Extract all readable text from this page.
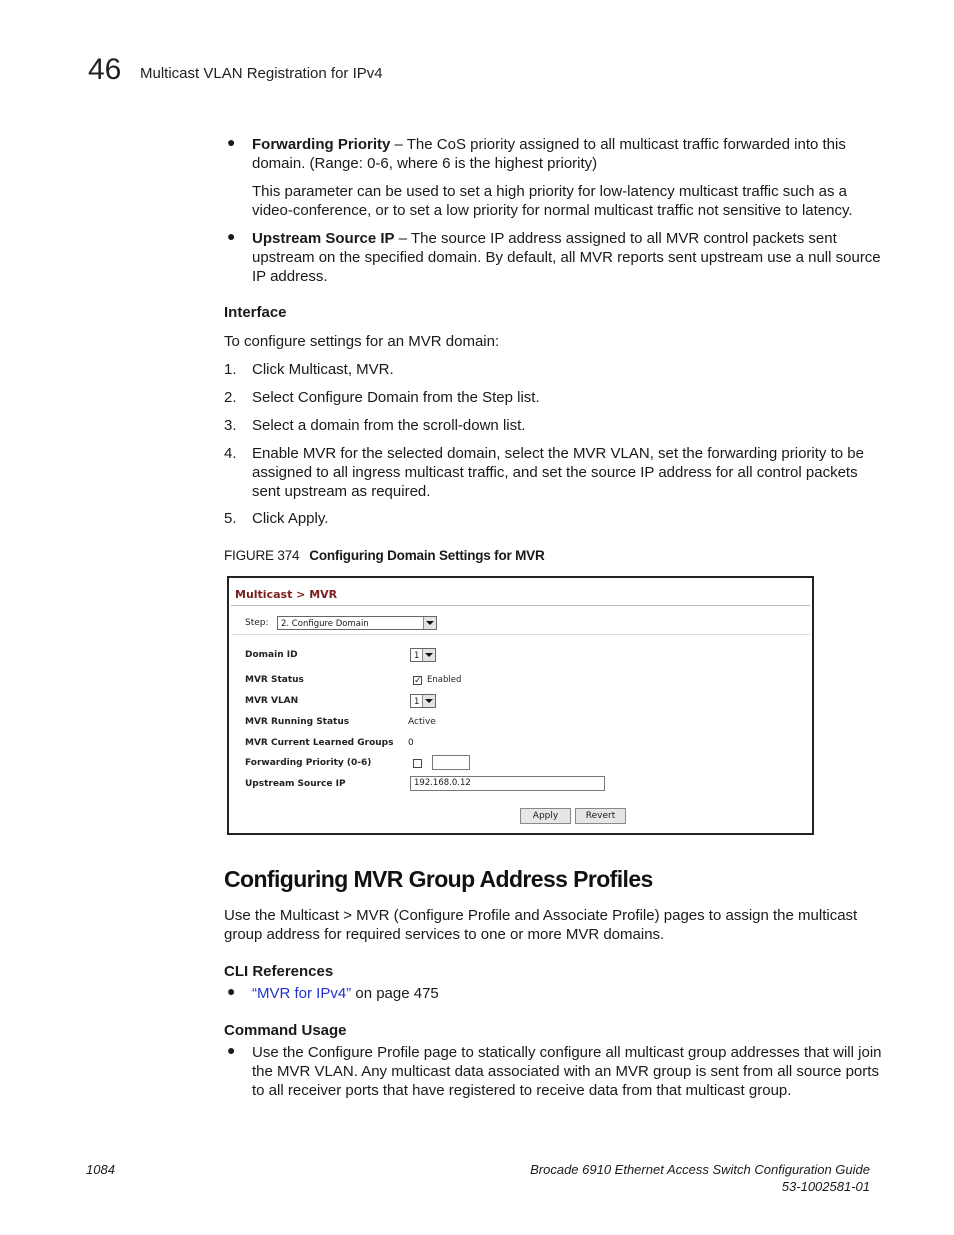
46 Multicast VLAN Registration for IPv4
● Forwarding Priority – The CoS priority assigned to all multicast traffic forwarded into this
domain. (Range: 0-6, where 6 is the highest priority)
This parameter can be used to set a high priority for low-latency multicast traffic such as a
video-conference, or to set a low priority for normal multicast traffic not sensitive to latency.
● Upstream Source IP – The source IP address assigned to all MVR control packets sent
upstream on the specified domain. By default, all MVR reports sent upstream use a null source
IP address.
Interface
To configure settings for an MVR domain:
1. Click Multicast, MVR.
2. Select Configure Domain from the Step list.
3. Select a domain from the scroll-down list.
4. Enable MVR for the selected domain, select the MVR VLAN, set the forwarding priority to be
assigned to all ingress multicast traffic, and set the source IP address for all control packets
sent upstream as required.
5. Click Apply.
FIGURE 374 Configuring Domain Settings for MVR
Multicast > MVR
Step:	2. Configure Domain
Domain ID	1
MVR Status	✓ Enabled
MVR VLAN	1
MVR Running Status	Active
MVR Current Learned Groups 0
Forwarding Priority (0-6)
Upstream Source IP	192.168.0.12
Apply	Revert
Configuring MVR Group Address Profiles
Use the Multicast > MVR (Configure Profile and Associate Profile) pages to assign the multicast
group address for required services to one or more MVR domains.
CLI References
● “MVR for IPv4” on page 475
Command Usage
● Use the Configure Profile page to statically configure all multicast group addresses that will join
the MVR VLAN. Any multicast data associated with an MVR group is sent from all source ports
to all receiver ports that have registered to receive data from that multicast group.
1084	Brocade 6910 Ethernet Access Switch Configuration Guide
53-1002581-01
